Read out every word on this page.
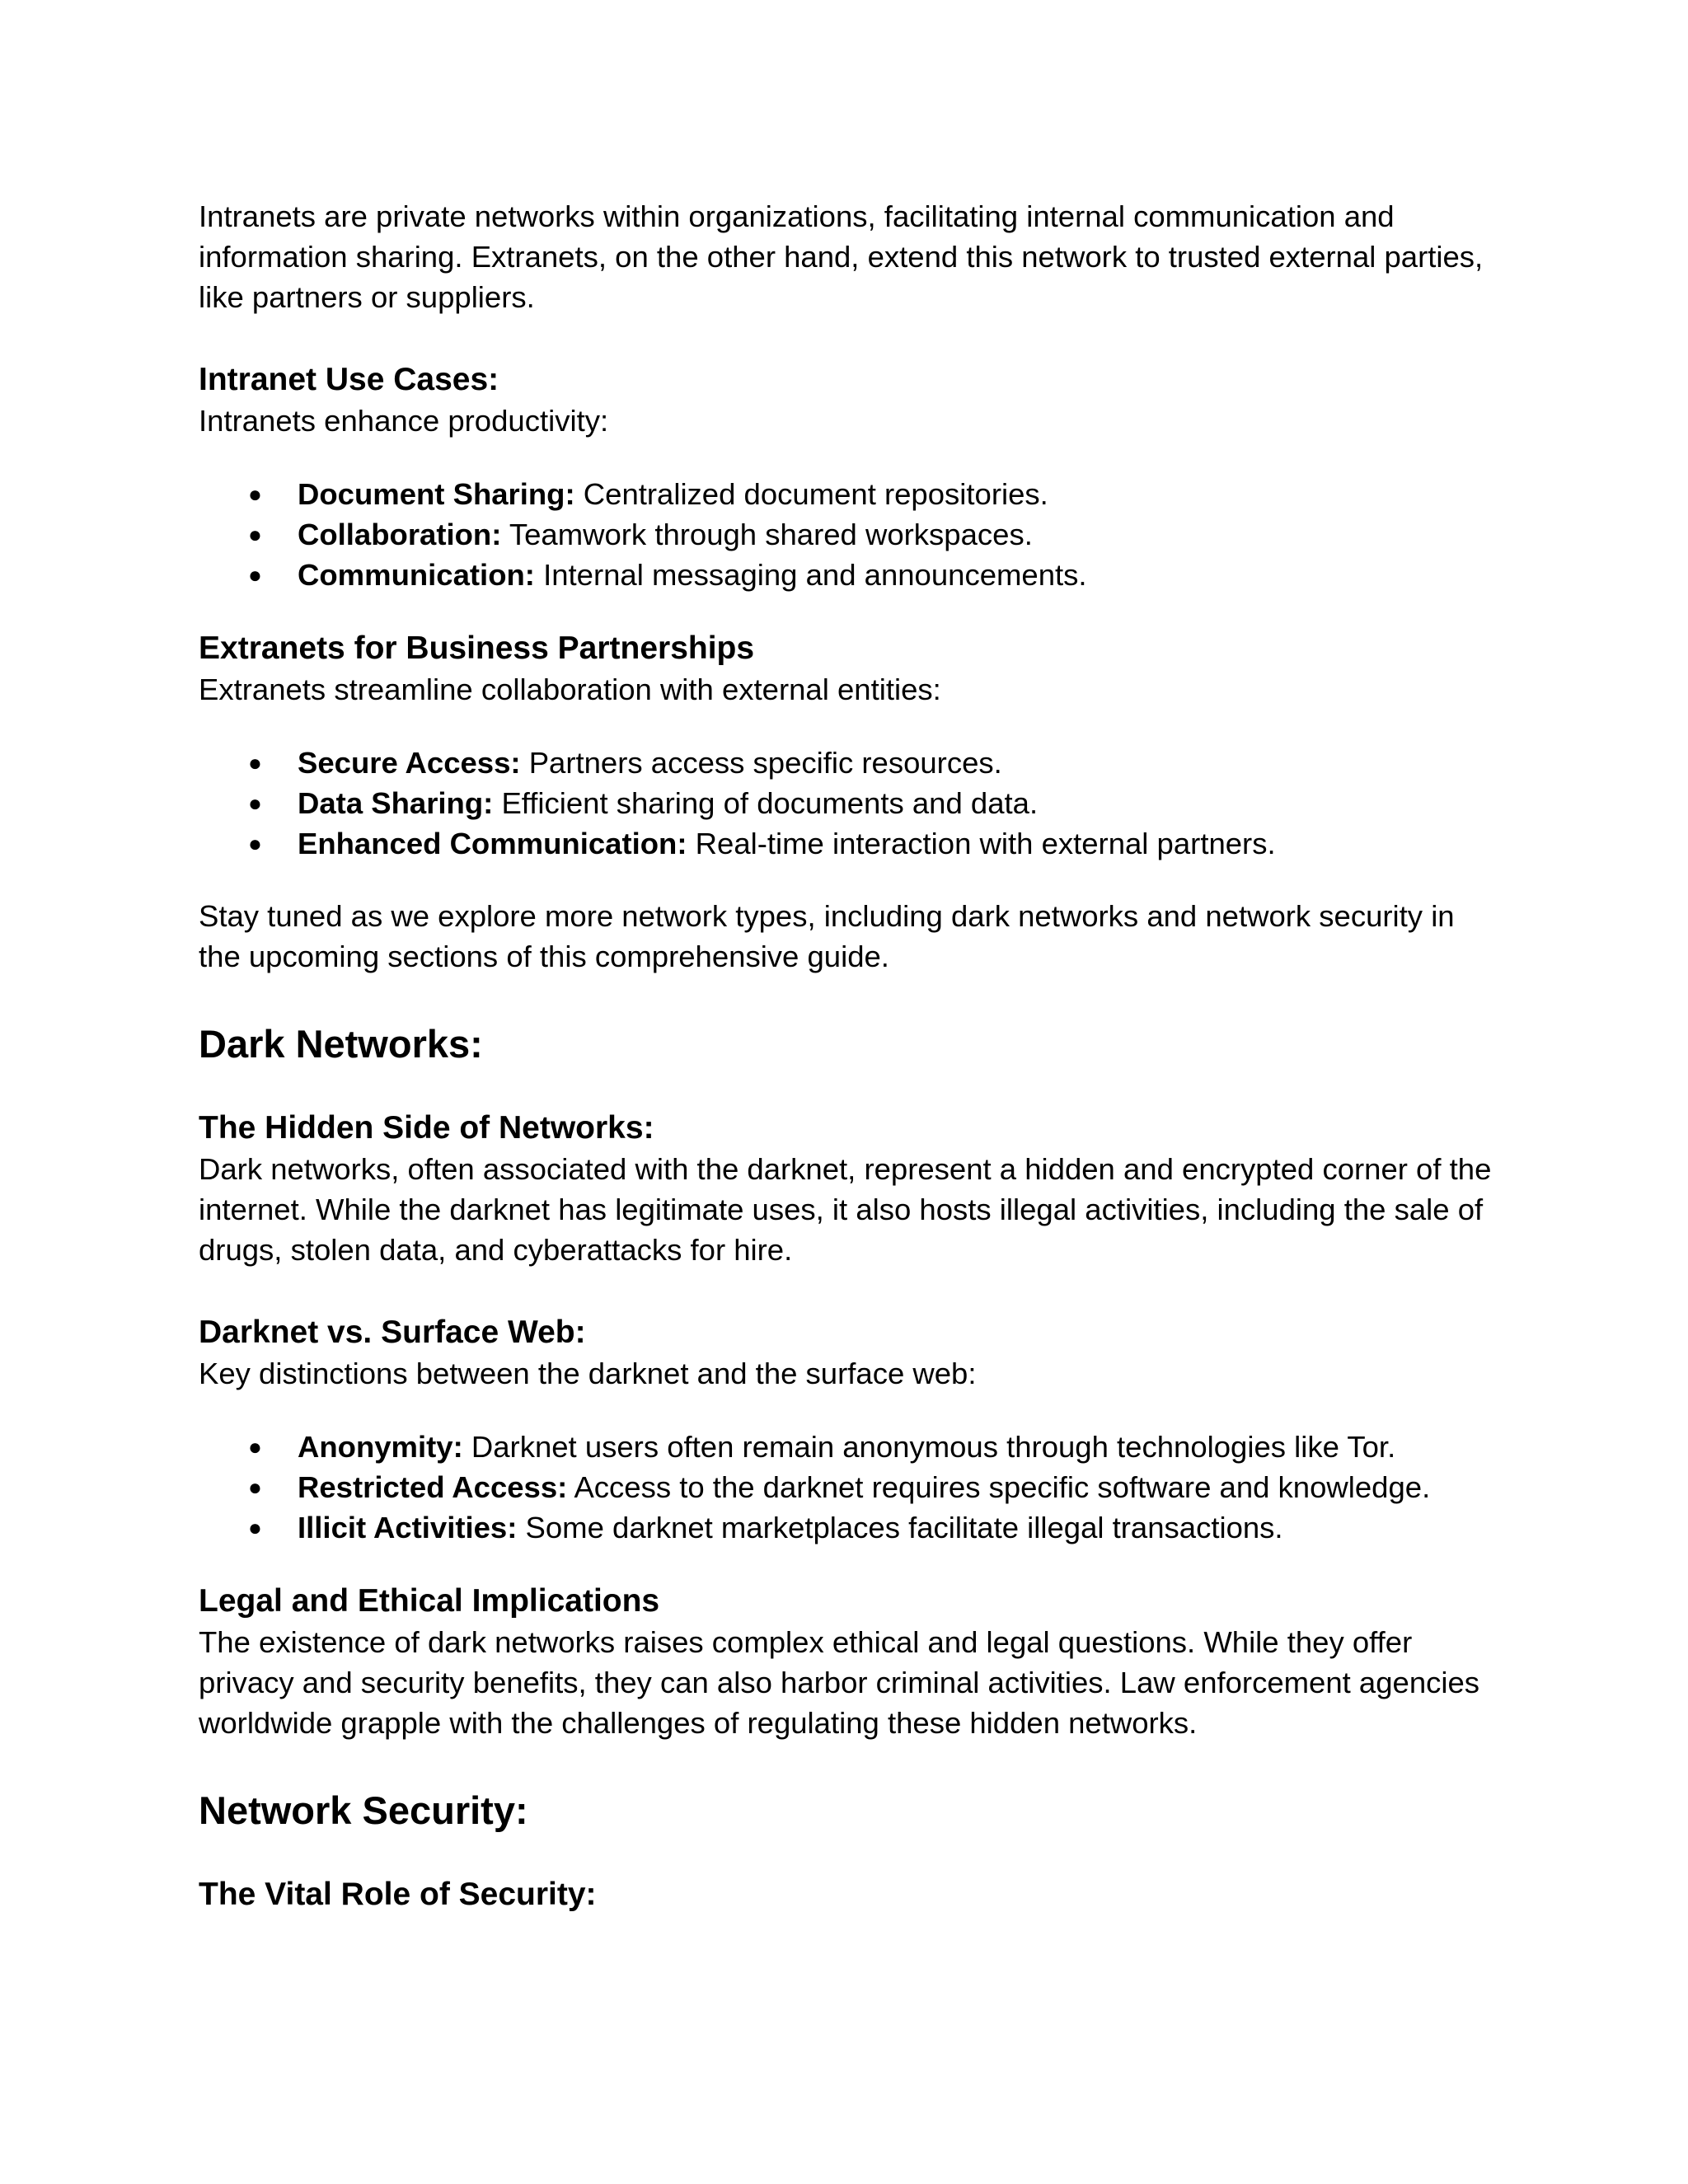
Intranets are private networks within organizations, facilitating internal communication and information sharing. Extranets, on the other hand, extend this network to trusted external parties, like partners or suppliers.

Intranet Use Cases:

Intranets enhance productivity:

● Document Sharing: Centralized document repositories.
● Collaboration: Teamwork through shared workspaces.
● Communication: Internal messaging and announcements.
Extranets for Business Partnerships

Extranets streamline collaboration with external entities:

● Secure Access: Partners access specific resources.
● Data Sharing: Efficient sharing of documents and data.
● Enhanced Communication: Real-time interaction with external partners.

Stay tuned as we explore more network types, including dark networks and network security in the upcoming sections of this comprehensive guide.

Dark Networks:
The Hidden Side of Networks:

Dark networks, often associated with the darknet, represent a hidden and encrypted corner of the internet. While the darknet has legitimate uses, it also hosts illegal activities, including the sale of drugs, stolen data, and cyberattacks for hire.

Darknet vs. Surface Web:

Key distinctions between the darknet and the surface web:

● Anonymity: Darknet users often remain anonymous through technologies like Tor.
● Restricted Access: Access to the darknet requires specific software and knowledge.
● Illicit Activities: Some darknet marketplaces facilitate illegal transactions.
Legal and Ethical Implications

The existence of dark networks raises complex ethical and legal questions. While they offer privacy and security benefits, they can also harbor criminal activities. Law enforcement agencies worldwide grapple with the challenges of regulating these hidden networks.

Network Security:
The Vital Role of Security:
